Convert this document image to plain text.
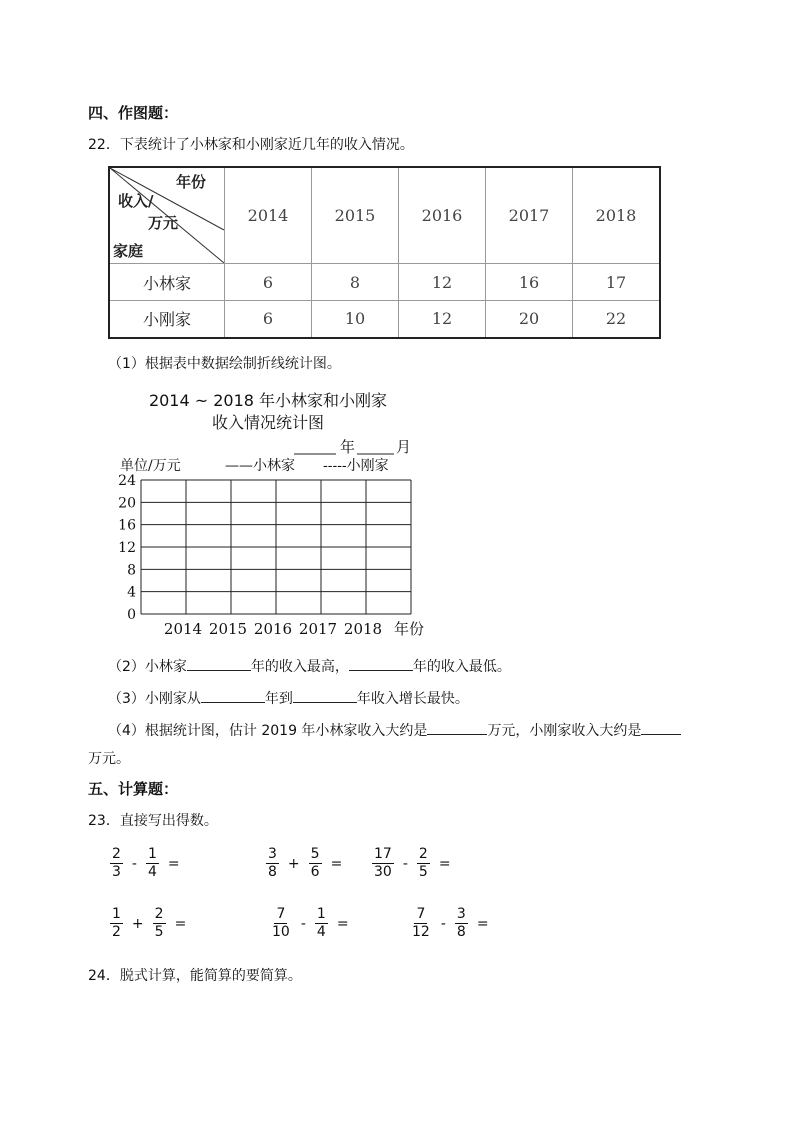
四、作图题：
22．下表统计了小林家和小刚家近几年的收入情况。
年份
收入/
万元
家庭	2014	2015	2016	2017	2018
小林家	6	8	12	16	17
小刚家	6	10	12	20	22
（1）根据表中数据绘制折线统计图。
2014 ~ 2018 年小林家和小刚家
收入情况统计图
年	月
单位/万元	——小林家 -----小刚家
0
4
8
12
16
20
24
2014 2015 2016 2017 2018 年份
（2）小林家	年的收入最高，	年的收入最低。
（3）小刚家从	年到	年收入增长最快。
（4）根据统计图，估计 2019 年小林家收入大约是	万元，小刚家收入大约是
万元。
五、计算题：
23．直接写出得数。
$\frac{2}{3} - \frac{1}{4}$ =	$\frac{3}{8} + \frac{5}{6} = \frac{17}{30} - \frac{2}{5}$ =
$\frac{1}{2} + \frac{2}{5}$ =	$\frac{7}{10} - \frac{1}{4}$ =	$\frac{7}{12} - \frac{3}{8}$ =
24．脱式计算，能简算的要简算。
